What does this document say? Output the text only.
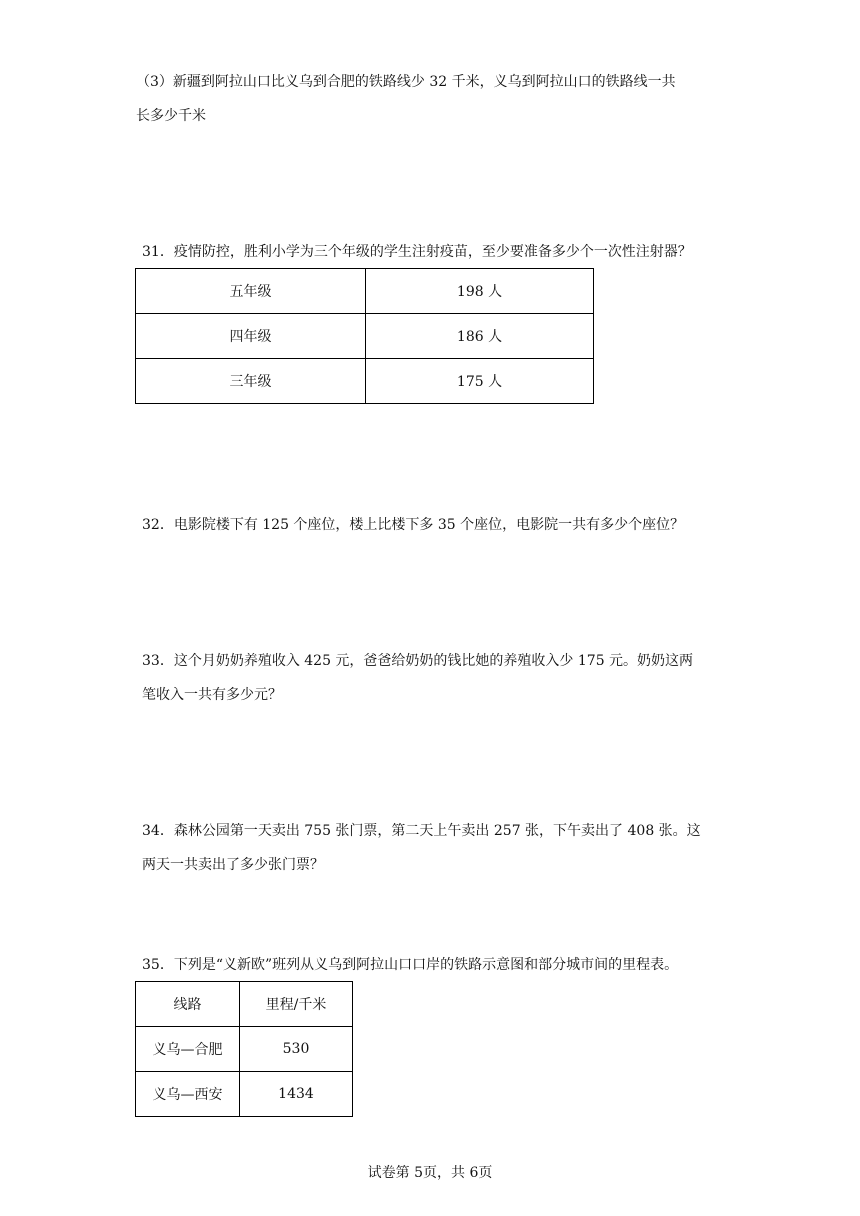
（3）新疆到阿拉山口比义乌到合肥的铁路线少 32 千米，义乌到阿拉山口的铁路线一共
长多少千米
31．疫情防控，胜利小学为三个年级的学生注射疫苗，至少要准备多少个一次性注射器？
五年级	198 人
四年级	186 人
三年级	175 人
32．电影院楼下有 125 个座位，楼上比楼下多 35 个座位，电影院一共有多少个座位？
33．这个月奶奶养殖收入 425 元，爸爸给奶奶的钱比她的养殖收入少 175 元。奶奶这两
笔收入一共有多少元？
34．森林公园第一天卖出 755 张门票，第二天上午卖出 257 张，下午卖出了 408 张。这
两天一共卖出了多少张门票？
35．下列是“义新欧”班列从义乌到阿拉山口口岸的铁路示意图和部分城市间的里程表。
线路	里程/千米
义乌—合肥	530
义乌—西安	1434
试卷第 5页，共 6页
